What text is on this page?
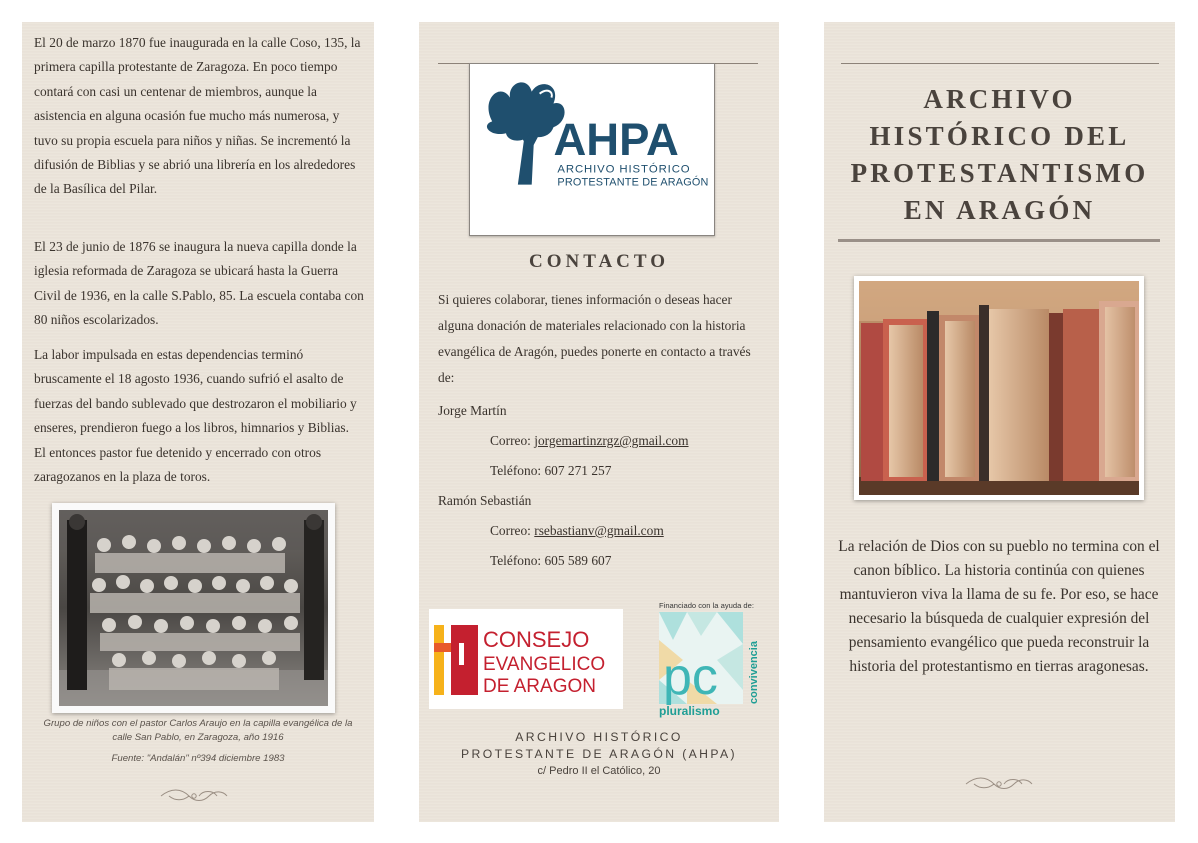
El 20 de marzo 1870 fue inaugurada en la calle Coso, 135, la primera capilla protestante de Zaragoza. En poco tiempo contará con casi un centenar de miembros, aunque la asistencia en alguna ocasión fue mucho más numerosa, y tuvo su propia escuela para niños y niñas. Se incrementó la difusión de Biblias y se abrió una librería en los alrededores de la Basílica del Pilar.

El 23 de junio de 1876 se inaugura la nueva capilla donde la iglesia reformada de Zaragoza se ubicará hasta la Guerra Civil de 1936, en la calle S.Pablo, 85. La escuela contaba con 80 niños escolarizados.

La labor impulsada en estas dependencias terminó bruscamente el 18 agosto 1936, cuando sufrió el asalto de fuerzas del bando sublevado que destrozaron el mobiliario y enseres, prendieron fuego a los libros, himnarios y Biblias. El entonces pastor fue detenido y encerrado con otros zaragozanos en la plaza de toros.

Grupo de niños con el pastor Carlos Araujo en la capilla evangélica de la calle San Pablo, en Zaragoza, año 1916

Fuente: "Andalán" nº394 diciembre 1983

AHPA
ARCHIVO HISTÓRICO
PROTESTANTE DE ARAGÓN
CONTACTO

Si quieres colaborar, tienes información o deseas hacer alguna donación de materiales relacionado con la historia evangélica de Aragón, puedes ponerte en contacto a través de:

Jorge Martín

Correo: jorgemartinzrgz@gmail.com

Teléfono: 607 271 257

Ramón Sebastián

Correo: rsebastianv@gmail.com

Teléfono: 605 589 607

CONSEJO
EVANGELICO
DE ARAGON
Financiado con la ayuda de:
pc	convivencia
pluralismo

ARCHIVO HISTÓRICO

PROTESTANTE DE ARAGÓN (AHPA)

c/ Pedro II el Católico, 20

ARCHIVO
HISTÓRICO DEL
PROTESTANTISMO
EN ARAGÓN

La relación de Dios con su pueblo no termina con el canon bíblico. La historia continúa con quienes mantuvieron viva la llama de su fe. Por eso, se hace necesario la búsqueda de cualquier expresión del pensamiento evangélico que pueda reconstruir la historia del protestantismo en tierras aragonesas.
